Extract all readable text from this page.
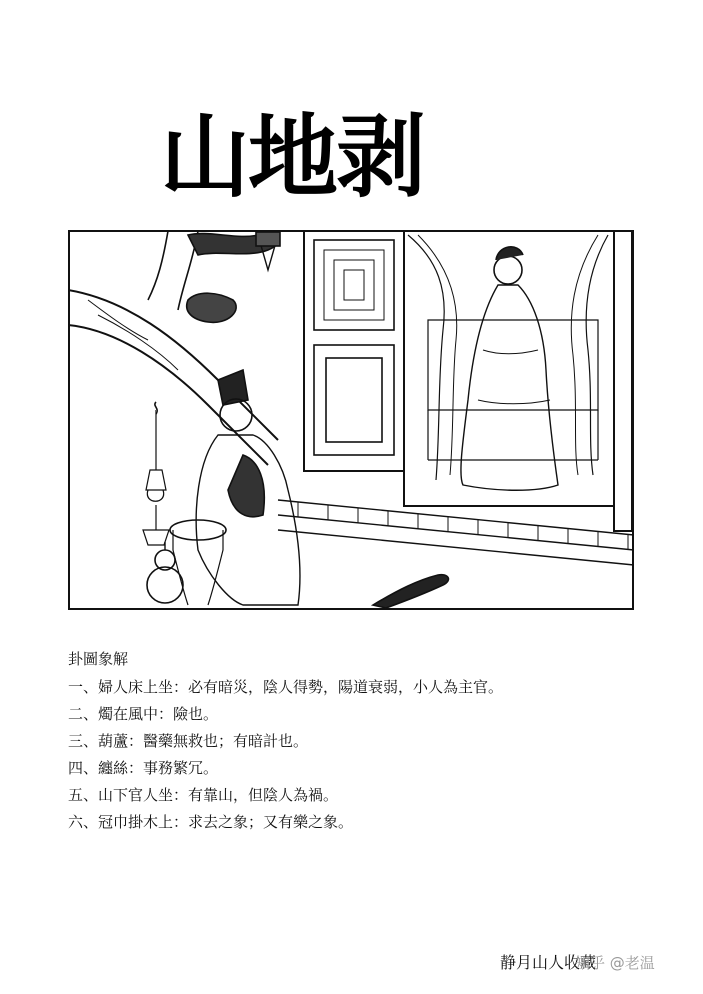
山地剥
卦圖象解
一、婦人床上坐：必有暗災，陰人得勢，陽道衰弱，小人為主官。
二、燭在風中：險也。
三、葫蘆：醫藥無救也；有暗計也。
四、纏絲：事務繁冗。
五、山下官人坐：有靠山，但陰人為禍。
六、冠巾掛木上：求去之象；又有樂之象。
静月山人收藏
知乎 @老温
